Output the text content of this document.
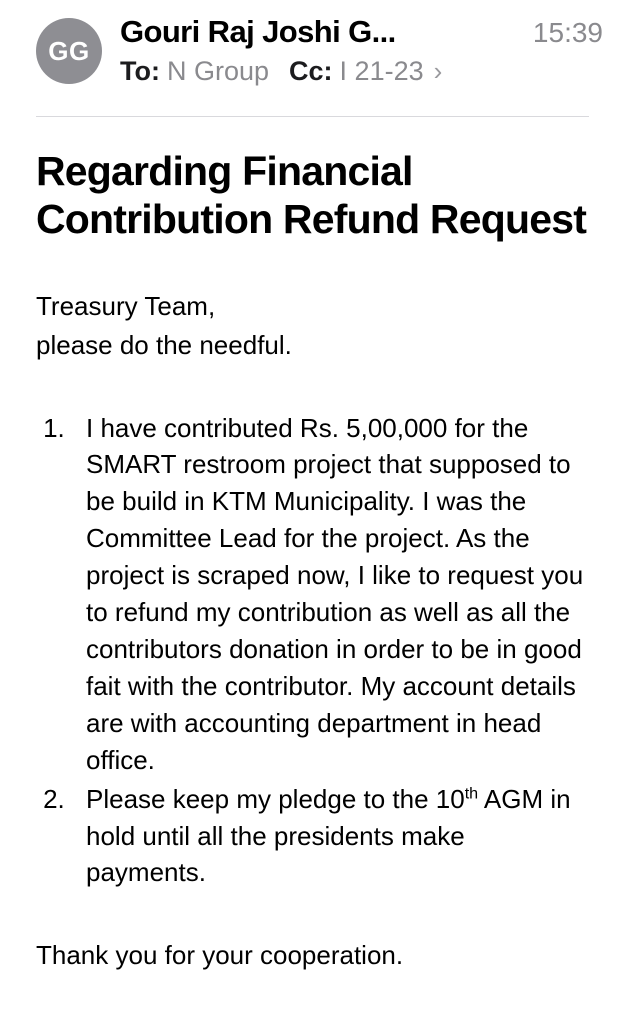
GG
Gouri Raj Joshi G...	15:39
To: N Group Cc: I 21-23 ›
Regarding Financial Contribution Refund Request
Treasury Team,
please do the needful.
1. I have contributed Rs. 5,00,000 for the SMART restroom project that supposed to be build in KTM Municipality. I was the Committee Lead for the project. As the project is scraped now, I like to request you to refund my contribution as well as all the contributors donation in order to be in good fait with the contributor. My account details are with accounting department in head office.
2. Please keep my pledge to the 10th AGM in hold until all the presidents make payments.
Thank you for your cooperation.
